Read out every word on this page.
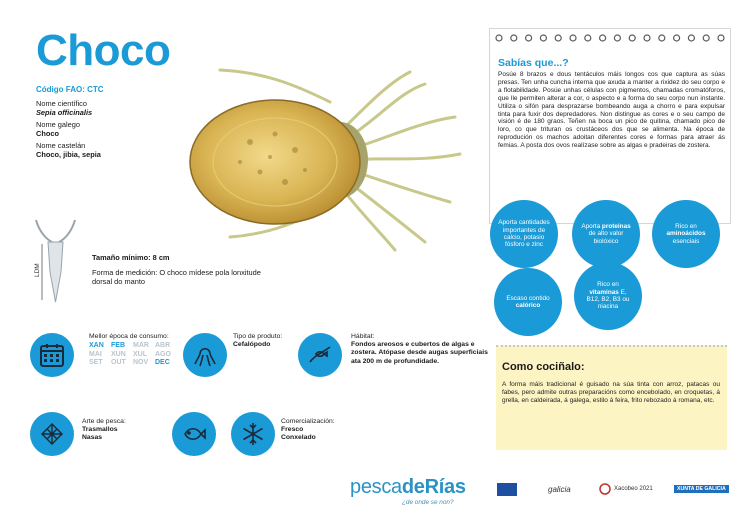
Choco
Código FAO: CTC
Nome científico
Sepia officinalis
Nome galego
Choco
Nome castelán
Choco, jibia, sepia
LDM
Tamaño mínimo: 8 cm
Forma de medición: O choco mídese pola lonxitude dorsal do manto
Sabías que...?

Posúe 8 brazos e dous tentáculos máis longos cos que captura as súas presas. Ten unha cuncha interna que axuda a manter a rixidez do seu corpo e a flotabilidade. Posúe unhas células con pigmentos, chamadas cromatóforos, que lle permiten alterar a cor, o aspecto e a forma do seu corpo nun instante. Utiliza o sifón para desprazarse bombeando auga a chorro e para expulsar tinta para fuxir dos depredadores. Non distingue as cores e o seu campo de visión é de 180 graos. Teñen na boca un pico de quitina, chamado pico de loro, co que trituran os crustáceos dos que se alimenta. Na época de reprodución os machos adoitan diferentes cores e formas para atraer ás femias. A posta dos ovos realízase sobre as algas e pradeiras de zostera.

Aporta cantidades importantes de calcio, potasio fósforo e zinc
Aporta proteínas de alto valor biolóxico
Rico en aminoácidos esenciais
Escaso contido calórico
Rico en vitaminas E, B12, B2, B3 ou niacina
Como cociñalo:

A forma máis tradicional é guisado na súa tinta con arroz, patacas ou fabes, pero admite outras preparacións como encebolado, en croquetas, á grella, en caldeirada, á galega, estilo á feira, frito rebozado á romana, etc.

Mellor época de consumo:
XAN FEB MAR ABR
MAI XUN XUL AGO
SET OUT NOV DEC

Tipo de produto:
Cefalópodo
Hábitat:
Fondos areosos e cubertos de algas e zostera. Atópase desde augas superficiais ata 200 m de profundidade.
Arte de pesca:
Trasmallos
Nasas
Comercialización:
Fresco
Conxelado
pescadeRías
¿de onde se non?
galicia	Xacobeo 2021	XUNTA DE GALICIA
